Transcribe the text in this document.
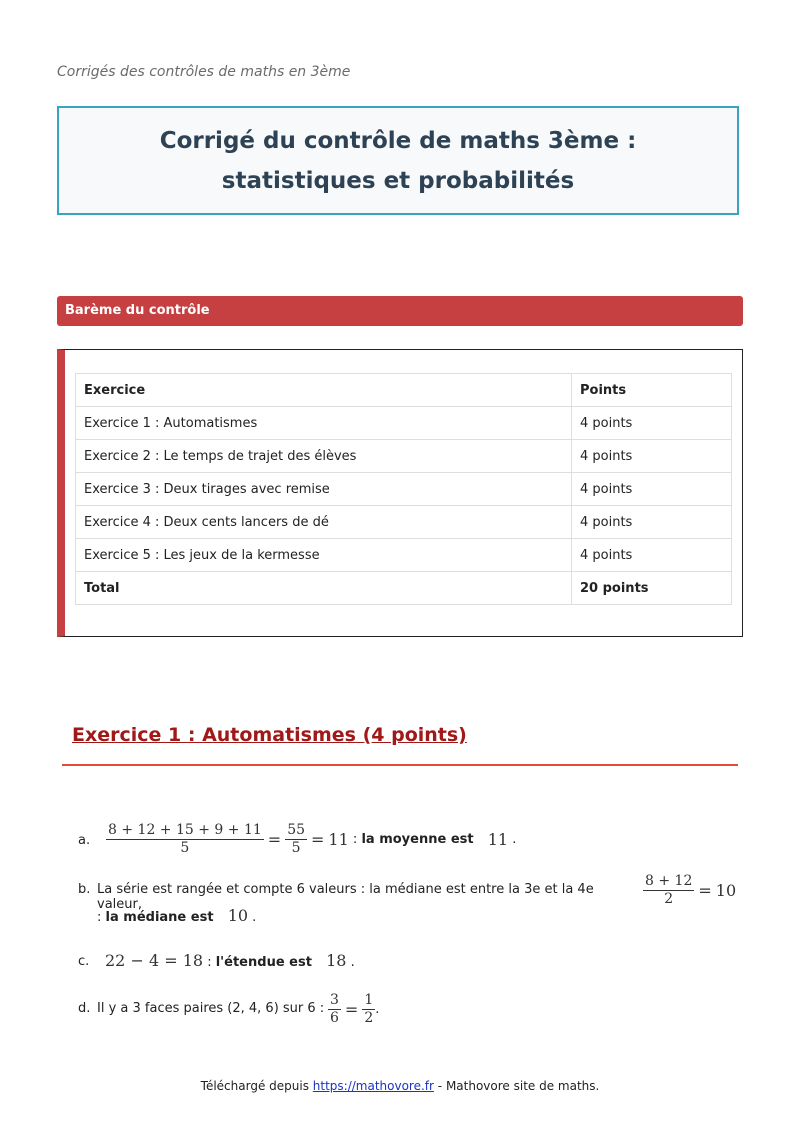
Corrigés des contrôles de maths en 3ème
Corrigé du contrôle de maths 3ème : statistiques et probabilités
Barème du contrôle
Exercice	Points
Exercice 1 : Automatismes	4 points
Exercice 2 : Le temps de trajet des élèves	4 points
Exercice 3 : Deux tirages avec remise	4 points
Exercice 4 : Deux cents lancers de dé	4 points
Exercice 5 : Les jeux de la kermesse	4 points
Total	20 points
Exercice 1 : Automatismes (4 points)
a. $\frac{8 + 12 + 15 + 9 + 11}{5} = \frac{55}{5} = 11$ : la moyenne est 11 .
b. La série est rangée et compte 6 valeurs : la médiane est entre la 3e et la 4e valeur,	$\frac{8 + 12}{2} = 10$
: la médiane est 10 .
c. 22 − 4 = 18 : l'étendue est 18 .
d. Il y a 3 faces paires (2, 4, 6) sur 6 : $\frac{3}{6} = \frac{1}{2}$ .
Téléchargé depuis https://mathovore.fr - Mathovore site de maths.
